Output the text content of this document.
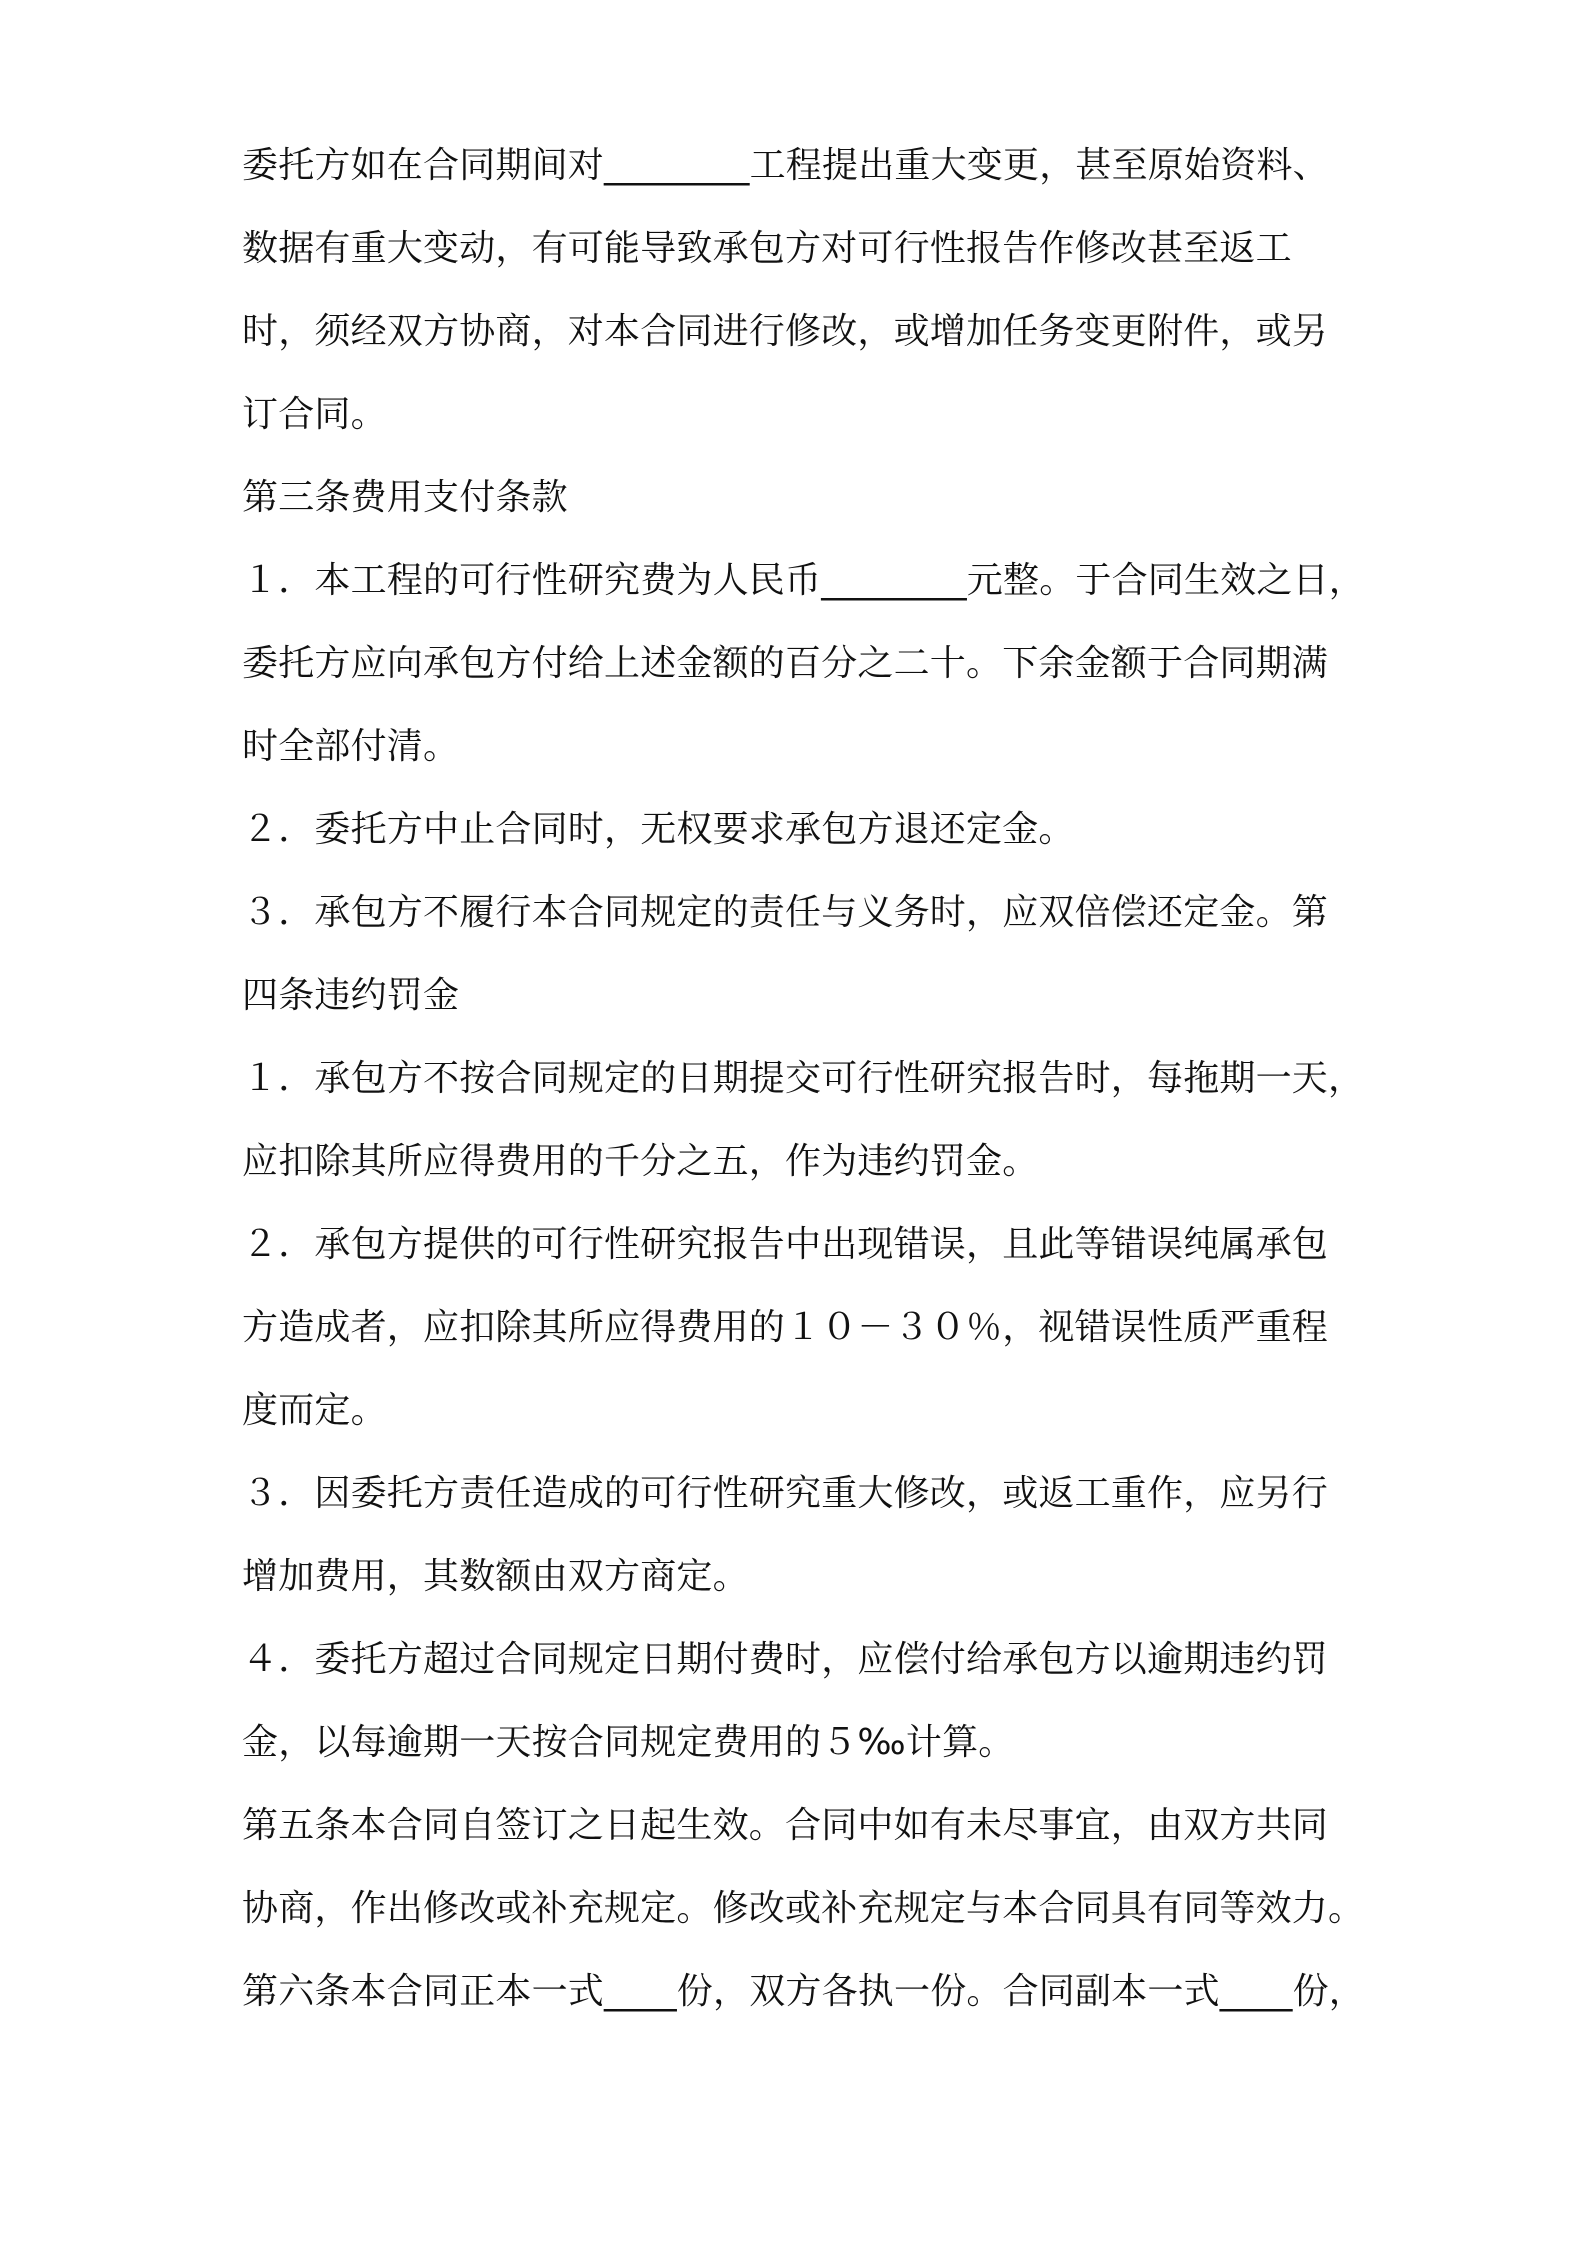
委托方如在合同期间对________工程提出重大变更，甚至原始资料、
数据有重大变动，有可能导致承包方对可行性报告作修改甚至返工
时，须经双方协商，对本合同进行修改，或增加任务变更附件，或另
订合同。
第三条费用支付条款
１．本工程的可行性研究费为人民币________元整。于合同生效之日，
委托方应向承包方付给上述金额的百分之二十。下余金额于合同期满
时全部付清。
２．委托方中止合同时，无权要求承包方退还定金。
３．承包方不履行本合同规定的责任与义务时，应双倍偿还定金。第
四条违约罚金
１．承包方不按合同规定的日期提交可行性研究报告时，每拖期一天，
应扣除其所应得费用的千分之五，作为违约罚金。
２．承包方提供的可行性研究报告中出现错误，且此等错误纯属承包
方造成者，应扣除其所应得费用的１０－３０％，视错误性质严重程
度而定。
３．因委托方责任造成的可行性研究重大修改，或返工重作，应另行
增加费用，其数额由双方商定。
４．委托方超过合同规定日期付费时，应偿付给承包方以逾期违约罚
金，以每逾期一天按合同规定费用的５‰计算。
第五条本合同自签订之日起生效。合同中如有未尽事宜，由双方共同
协商，作出修改或补充规定。修改或补充规定与本合同具有同等效力。
第六条本合同正本一式____份，双方各执一份。合同副本一式____份，
